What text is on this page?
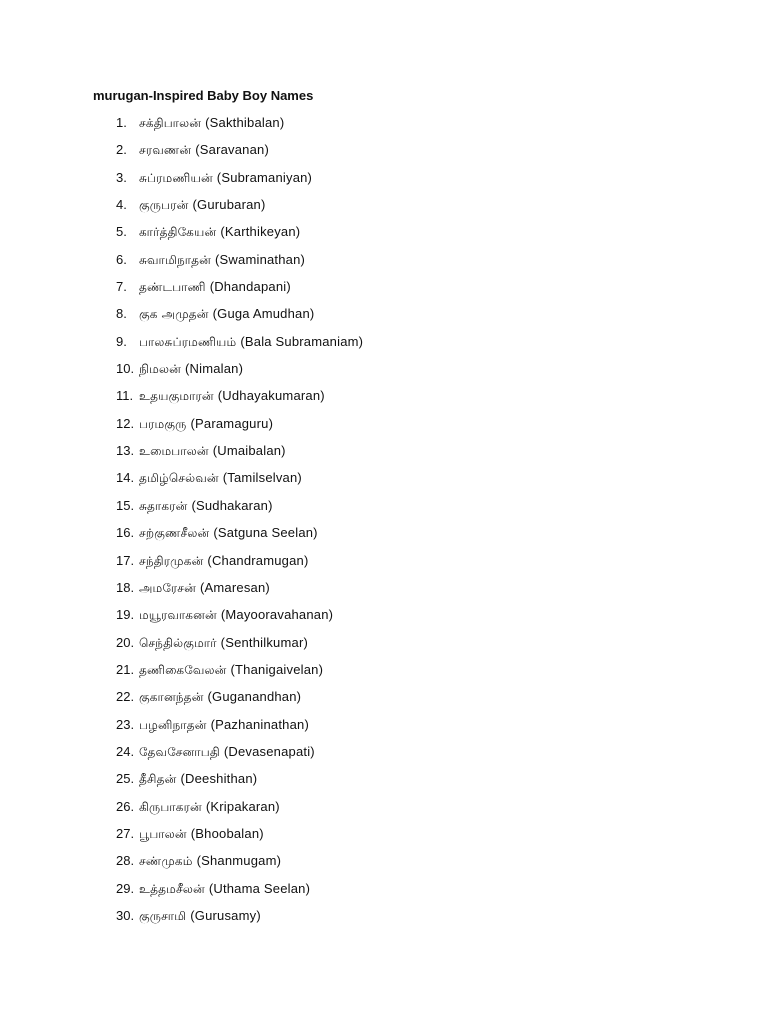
murugan-Inspired Baby Boy Names
1. சக்திபாலன் (Sakthibalan)
2. சரவணன் (Saravanan)
3. சுப்ரமணியன் (Subramaniyan)
4. குருபரன் (Gurubaran)
5. கார்த்திகேயன் (Karthikeyan)
6. சுவாமிநாதன் (Swaminathan)
7. தண்டபாணி (Dhandapani)
8. குக அமுதன் (Guga Amudhan)
9. பாலசுப்ரமணியம் (Bala Subramaniam)
10. நிமலன் (Nimalan)
11. உதயகுமாரன் (Udhayakumaran)
12. பரமகுரு (Paramaguru)
13. உமைபாலன் (Umaibalan)
14. தமிழ்செல்வன் (Tamilselvan)
15. சுதாகரன் (Sudhakaran)
16. சற்குணசீலன் (Satguna Seelan)
17. சந்திரமுகன் (Chandramugan)
18. அமரேசன் (Amaresan)
19. மயூரவாகனன் (Mayooravahanan)
20. செந்தில்குமார் (Senthilkumar)
21. தணிகைவேலன் (Thanigaivelan)
22. குகானந்தன் (Guganandhan)
23. பழனிநாதன் (Pazhaninathan)
24. தேவசேனாபதி (Devasenapati)
25. தீசிதன் (Deeshithan)
26. கிருபாகரன் (Kripakaran)
27. பூபாலன் (Bhoobalan)
28. சண்முகம் (Shanmugam)
29. உத்தமசீலன் (Uthama Seelan)
30. குருசாமி (Gurusamy)
